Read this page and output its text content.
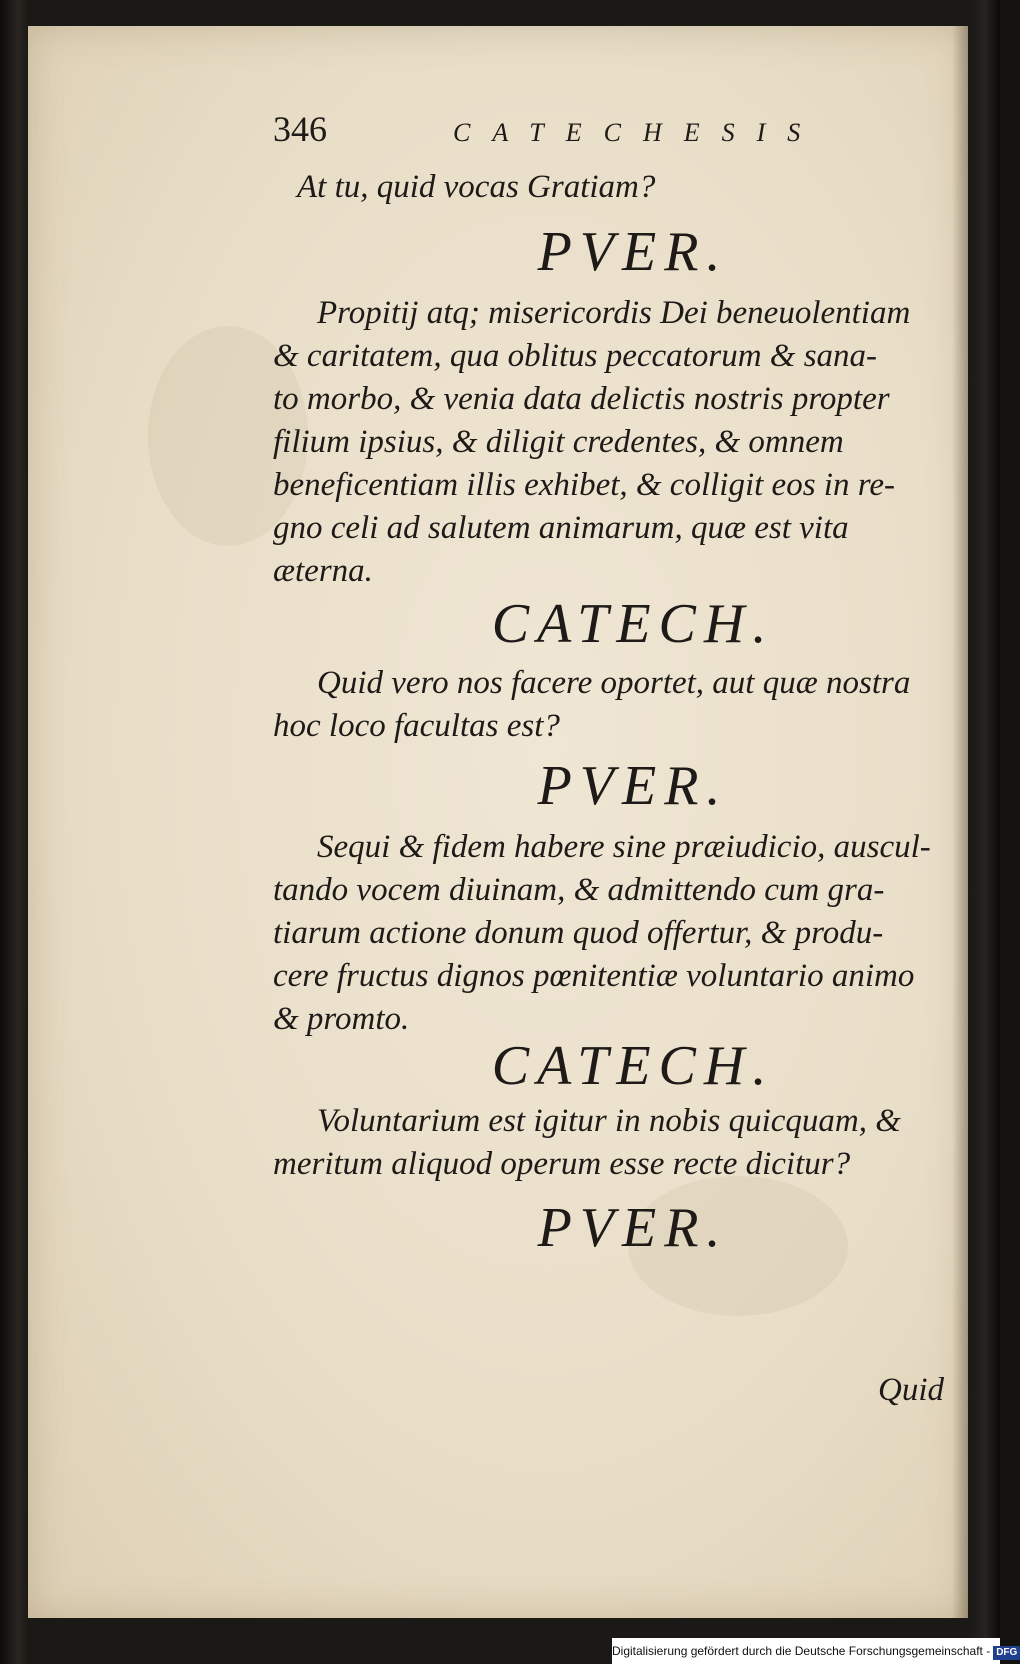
346	CATECHESIS

At tu, quid vocas Gratiam?

PVER.

Propitij atq; misericordis Dei beneuolentiam

& caritatem, qua oblitus peccatorum & sana-

to morbo, & venia data delictis nostris propter

filium ipsius, & diligit credentes, & omnem

beneficentiam illis exhibet, & colligit eos in re-

gno celi ad salutem animarum, quæ est vita

æterna.

CATECH.

Quid vero nos facere oportet, aut quæ nostra

hoc loco facultas est?

PVER.

Sequi & fidem habere sine præiudicio, auscul-

tando vocem diuinam, & admittendo cum gra-

tiarum actione donum quod offertur, & produ-

cere fructus dignos pœnitentiæ voluntario animo

& promto.

CATECH.

Voluntarium est igitur in nobis quicquam, &

meritum aliquod operum esse recte dicitur?

PVER.

Quid
Digitalisierung gefördert durch die Deutsche Forschungsgemeinschaft - DFG
